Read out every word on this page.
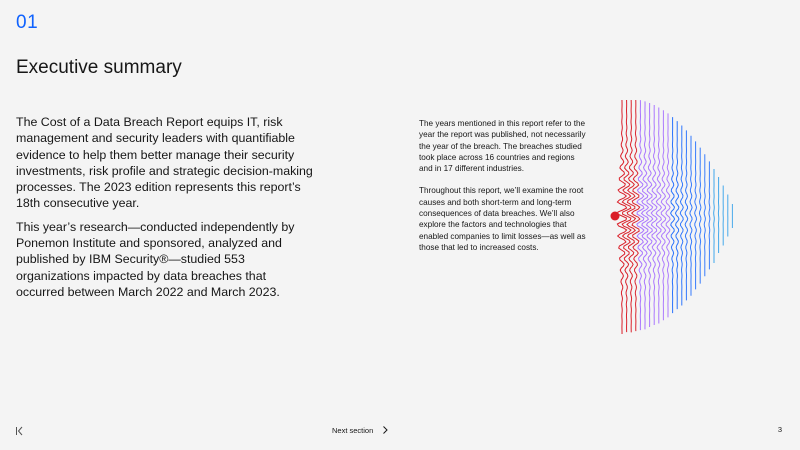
01
Executive summary

The Cost of a Data Breach Report equips IT, risk management and security leaders with quantifiable evidence to help them better manage their security investments, risk profile and strategic decision-making processes. The 2023 edition represents this report’s 18th consecutive year.

This year’s research—conducted independently by Ponemon Institute and sponsored, analyzed and published by IBM Security®—studied 553 organizations impacted by data breaches that occurred between March 2022 and March 2023.

The years mentioned in this report refer to the year the report was published, not necessarily the year of the breach. The breaches studied took place across 16 countries and regions and in 17 different industries.

Throughout this report, we’ll examine the root causes and both short-term and long-term consequences of data breaches. We’ll also explore the factors and technologies that enabled companies to limit losses—as well as those that led to increased costs.

Next section	3
